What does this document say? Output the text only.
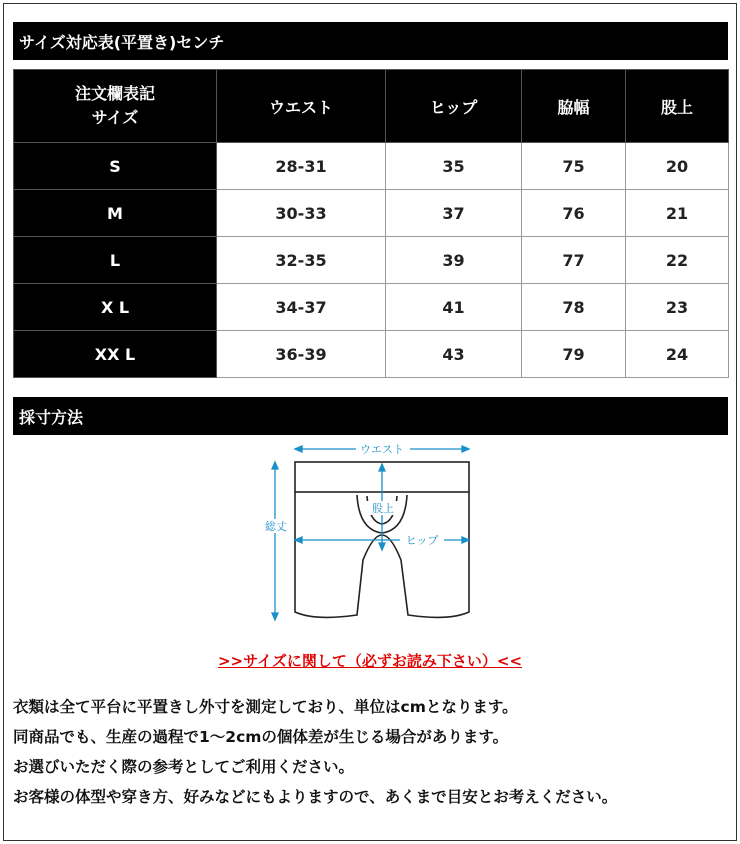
サイズ対応表(平置き)センチ
注文欄表記
サイズ	ウエスト	ヒップ	脇幅	股上
S	28-31	35	75	20
M	30-33	37	76	21
L	32-35	39	77	22
X L	34-37	41	78	23
XX L	36-39	43	79	24
採寸方法
ウエスト
股上
ヒップ
総丈
>>サイズに関して（必ずお読み下さい）<<

衣類は全て平台に平置きし外寸を測定しており、単位はcmとなります。

同商品でも、生産の過程で1〜2cmの個体差が生じる場合があります。

お選びいただく際の参考としてご利用ください。

お客様の体型や穿き方、好みなどにもよりますので、あくまで目安とお考えください。
